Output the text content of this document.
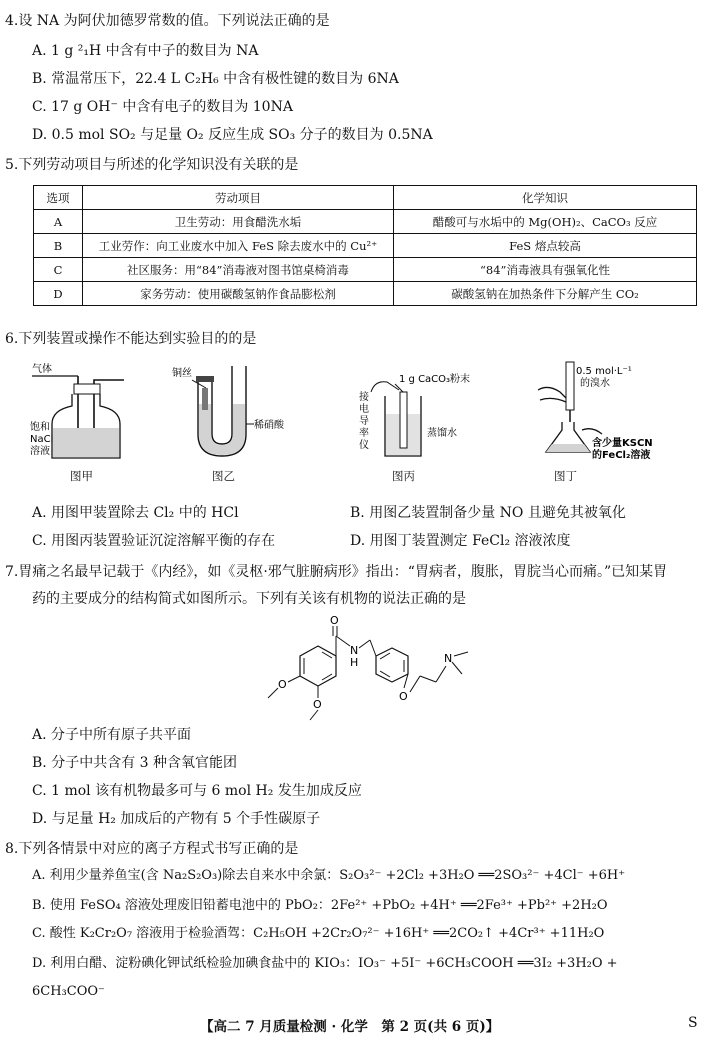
4.设 NA 为阿伏加德罗常数的值。下列说法正确的是
A. 1 g ²₁H 中含有中子的数目为 NA
B. 常温常压下，22.4 L C₂H₆ 中含有极性键的数目为 6NA
C. 17 g OH⁻ 中含有电子的数目为 10NA
D. 0.5 mol SO₂ 与足量 O₂ 反应生成 SO₃ 分子的数目为 0.5NA
5.下列劳动项目与所述的化学知识没有关联的是
选项	劳动项目	化学知识
A	卫生劳动：用食醋洗水垢	醋酸可与水垢中的 Mg(OH)₂、CaCO₃ 反应
B	工业劳作：向工业废水中加入 FeS 除去废水中的 Cu²⁺	FeS 熔点较高
C	社区服务：用“84”消毒液对图书馆桌椅消毒	“84”消毒液具有强氧化性
D	家务劳动：使用碳酸氢钠作食品膨松剂	碳酸氢钠在加热条件下分解产生 CO₂
6.下列装置或操作不能达到实验目的的是
气体
饱和
NaCl
溶液
图甲
铜丝
稀硝酸
图乙
1 g CaCO₃粉末
接
电
导
率
仪
蒸馏水
图丙
0.5 mol·L⁻¹
的溴水
含少量KSCN
的FeCl₂溶液
图丁
A. 用图甲装置除去 Cl₂ 中的 HCl	B. 用图乙装置制备少量 NO 且避免其被氧化
C. 用图丙装置验证沉淀溶解平衡的存在	D. 用图丁装置测定 FeCl₂ 溶液浓度
7.胃痛之名最早记载于《内经》，如《灵枢·邪气脏腑病形》指出：“胃病者，腹胀，胃脘当心而痛。”已知某胃
药的主要成分的结构简式如图所示。下列有关该有机物的说法正确的是
O
N
H
O
N
O
O
A. 分子中所有原子共平面
B. 分子中共含有 3 种含氧官能团
C. 1 mol 该有机物最多可与 6 mol H₂ 发生加成反应
D. 与足量 H₂ 加成后的产物有 5 个手性碳原子
8.下列各情景中对应的离子方程式书写正确的是
A. 利用少量养鱼宝(含 Na₂S₂O₃)除去自来水中余氯：S₂O₃²⁻ +2Cl₂ +3H₂O ══2SO₃²⁻ +4Cl⁻ +6H⁺
B. 使用 FeSO₄ 溶液处理废旧铅蓄电池中的 PbO₂：2Fe²⁺ +PbO₂ +4H⁺ ══2Fe³⁺ +Pb²⁺ +2H₂O
C. 酸性 K₂Cr₂O₇ 溶液用于检验酒驾：C₂H₅OH +2Cr₂O₇²⁻ +16H⁺ ══2CO₂↑ +4Cr³⁺ +11H₂O
D. 利用白醋、淀粉碘化钾试纸检验加碘食盐中的 KIO₃：IO₃⁻ +5I⁻ +6CH₃COOH ══3I₂ +3H₂O +
6CH₃COO⁻
【高二 7 月质量检测 · 化学　第 2 页(共 6 页)】	S
